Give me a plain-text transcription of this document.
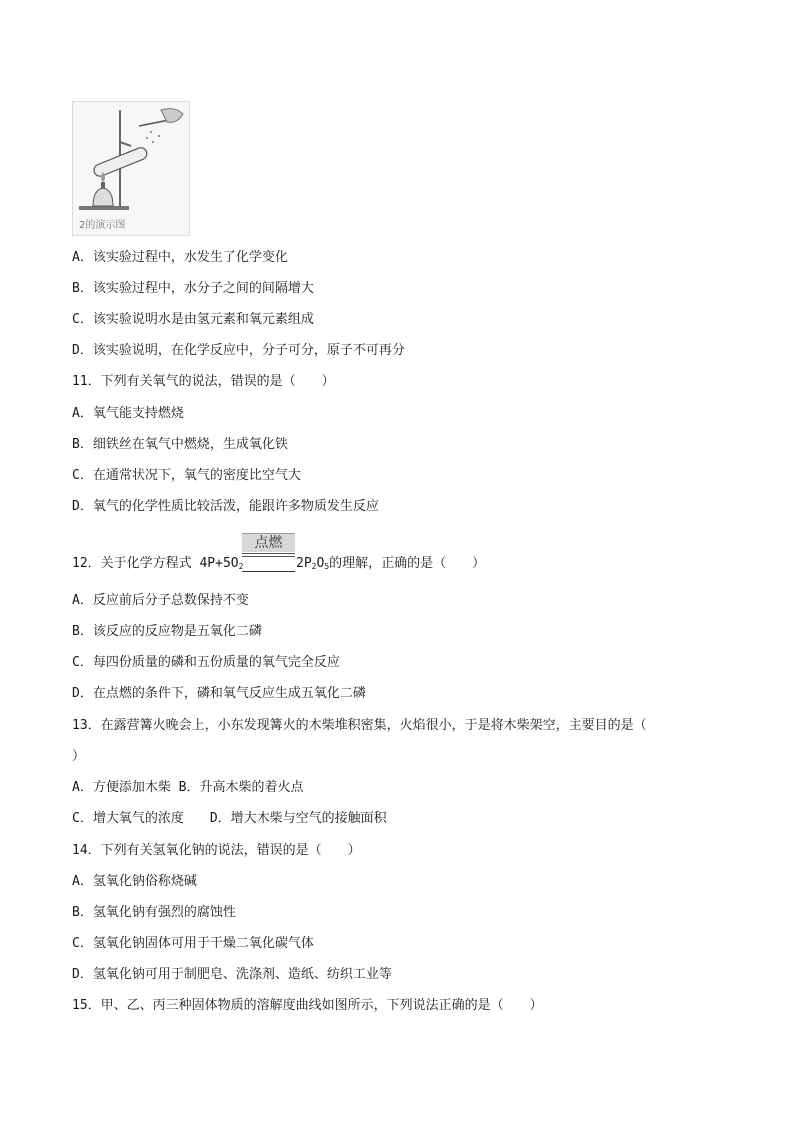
2的演示图
A．该实验过程中，水发生了化学变化
B．该实验过程中，水分子之间的间隔增大
C．该实验说明水是由氢元素和氧元素组成
D．该实验说明，在化学反应中，分子可分，原子不可再分
11．下列有关氧气的说法，错误的是（　　）
A．氧气能支持燃烧
B．细铁丝在氧气中燃烧，生成氧化铁
C．在通常状况下，氧气的密度比空气大
D．氧气的化学性质比较活泼，能跟许多物质发生反应
12．关于化学方程式 $4P+5O_2$
点燃
$2P_2O_5$的理解，正确的是（　　）
A．反应前后分子总数保持不变
B．该反应的反应物是五氧化二磷
C．每四份质量的磷和五份质量的氧气完全反应
D．在点燃的条件下，磷和氧气反应生成五氧化二磷
13．在露营篝火晚会上，小东发现篝火的木柴堆积密集，火焰很小，于是将木柴架空，主要目的是（
）
A．方便添加木柴 B．升高木柴的着火点
C．增大氧气的浓度　　D．增大木柴与空气的接触面积
14．下列有关氢氧化钠的说法，错误的是（　　）
A．氢氧化钠俗称烧碱
B．氢氧化钠有强烈的腐蚀性
C．氢氧化钠固体可用于干燥二氧化碳气体
D．氢氧化钠可用于制肥皂、洗涤剂、造纸、纺织工业等
15．甲、乙、丙三种固体物质的溶解度曲线如图所示，下列说法正确的是（　　）
